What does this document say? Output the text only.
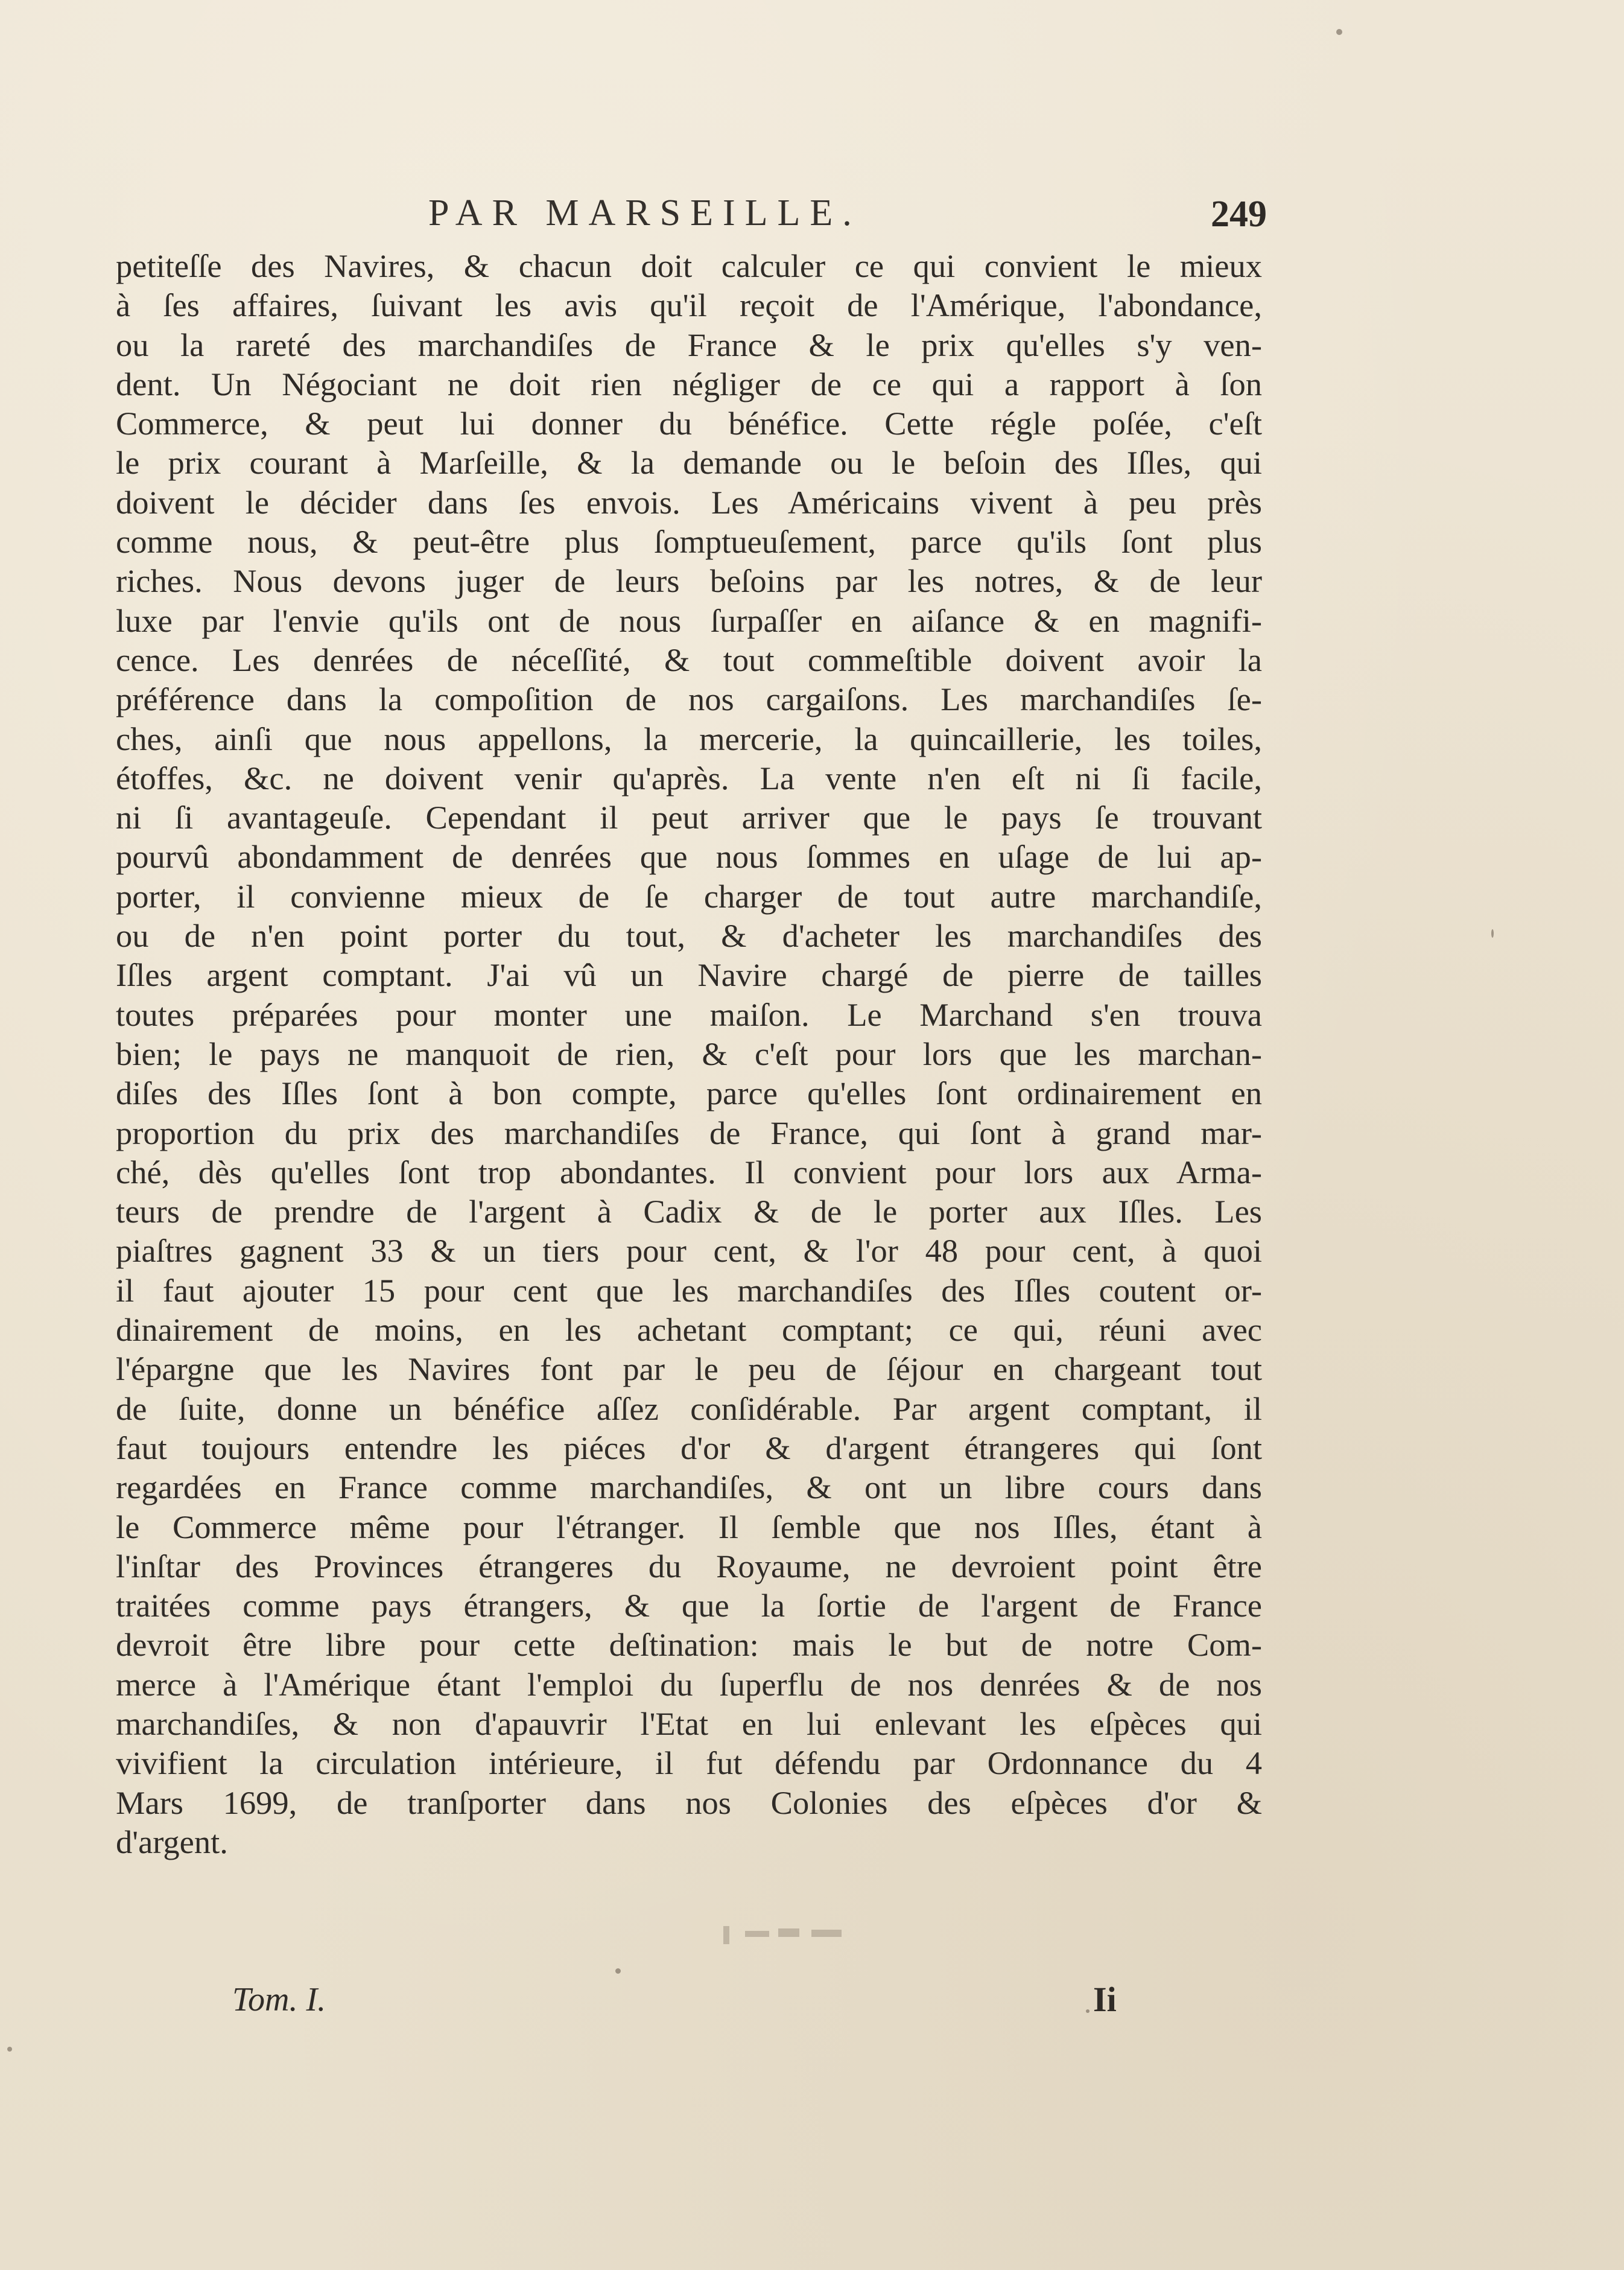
PAR MARSEILLE.	249
petiteſſe des Navires, & chacun doit calculer ce qui convient le mieux
à ſes affaires, ſuivant les avis qu'il reçoit de l'Amérique, l'abondance,
ou la rareté des marchandiſes de France & le prix qu'elles s'y ven-
dent. Un Négociant ne doit rien négliger de ce qui a rapport à ſon
Commerce, & peut lui donner du bénéfice. Cette régle poſée, c'eſt
le prix courant à Marſeille, & la demande ou le beſoin des Iſles, qui
doivent le décider dans ſes envois. Les Américains vivent à peu près
comme nous, & peut-être plus ſomptueuſement, parce qu'ils ſont plus
riches. Nous devons juger de leurs beſoins par les notres, & de leur
luxe par l'envie qu'ils ont de nous ſurpaſſer en aiſance & en magnifi-
cence. Les denrées de néceſſité, & tout commeſtible doivent avoir la
préférence dans la compoſition de nos cargaiſons. Les marchandiſes ſe-
ches, ainſi que nous appellons, la mercerie, la quincaillerie, les toiles,
étoffes, &c. ne doivent venir qu'après. La vente n'en eſt ni ſi facile,
ni ſi avantageuſe. Cependant il peut arriver que le pays ſe trouvant
pourvû abondamment de denrées que nous ſommes en uſage de lui ap-
porter, il convienne mieux de ſe charger de tout autre marchandiſe,
ou de n'en point porter du tout, & d'acheter les marchandiſes des
Iſles argent comptant. J'ai vû un Navire chargé de pierre de tailles
toutes préparées pour monter une maiſon. Le Marchand s'en trouva
bien; le pays ne manquoit de rien, & c'eſt pour lors que les marchan-
diſes des Iſles ſont à bon compte, parce qu'elles ſont ordinairement en
proportion du prix des marchandiſes de France, qui ſont à grand mar-
ché, dès qu'elles ſont trop abondantes. Il convient pour lors aux Arma-
teurs de prendre de l'argent à Cadix & de le porter aux Iſles. Les
piaſtres gagnent 33 & un tiers pour cent, & l'or 48 pour cent, à quoi
il faut ajouter 15 pour cent que les marchandiſes des Iſles coutent or-
dinairement de moins, en les achetant comptant; ce qui, réuni avec
l'épargne que les Navires font par le peu de ſéjour en chargeant tout
de ſuite, donne un bénéfice aſſez conſidérable. Par argent comptant, il
faut toujours entendre les piéces d'or & d'argent étrangeres qui ſont
regardées en France comme marchandiſes, & ont un libre cours dans
le Commerce même pour l'étranger. Il ſemble que nos Iſles, étant à
l'inſtar des Provinces étrangeres du Royaume, ne devroient point être
traitées comme pays étrangers, & que la ſortie de l'argent de France
devroit être libre pour cette deſtination: mais le but de notre Com-
merce à l'Amérique étant l'emploi du ſuperflu de nos denrées & de nos
marchandiſes, & non d'apauvrir l'Etat en lui enlevant les eſpèces qui
vivifient la circulation intérieure, il fut défendu par Ordonnance du 4
Mars 1699, de tranſporter dans nos Colonies des eſpèces d'or &
d'argent.
Tom. I.	Ii
